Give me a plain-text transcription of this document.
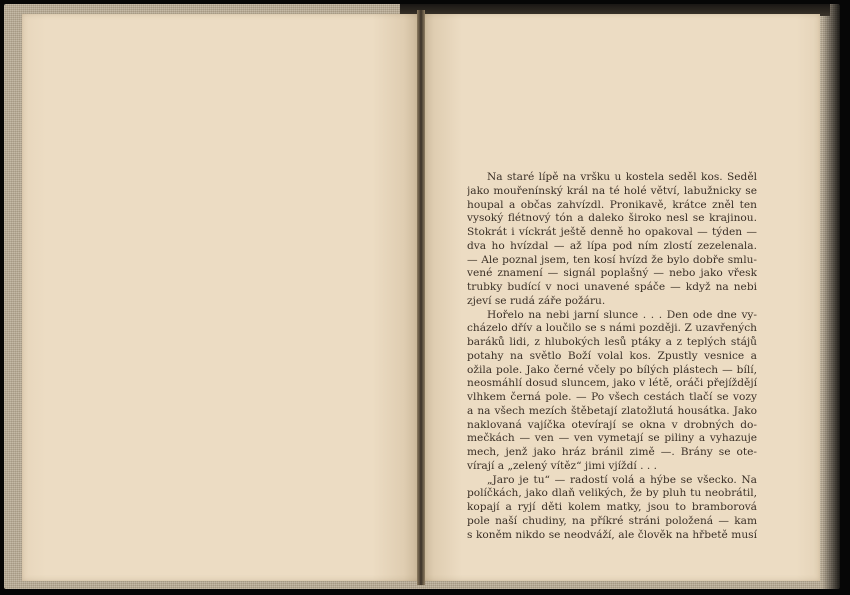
Na staré lípě na vršku u kostela seděl kos. Seděl
jako mouřenínský král na té holé větví, labužnicky se
houpal a občas zahvízdl. Pronikavě, krátce zněl ten
vysoký flétnový tón a daleko široko nesl se krajinou.
Stokrát i víckrát ještě denně ho opakoval — týden —
dva ho hvízdal — až lípa pod ním zlostí zezelenala.
— Ale poznal jsem, ten kosí hvízd že bylo dobře smlu-
vené znamení — signál poplašný — nebo jako vřesk
trubky budící v noci unavené spáče — když na nebi
zjeví se rudá záře požáru.
Hořelo na nebi jarní slunce . . . Den ode dne vy-
cházelo dřív a loučilo se s námi později. Z uzavřených
baráků lidi, z hlubokých lesů ptáky a z teplých stájů
potahy na světlo Boží volal kos. Zpustly vesnice a
ožila pole. Jako černé včely po bílých plástech — bílí,
neosmáhlí dosud sluncem, jako v létě, oráči přejíždějí
vlhkem černá pole. — Po všech cestách tlačí se vozy
a na všech mezích štěbetají zlatožlutá housátka. Jako
naklovaná vajíčka otevírají se okna v drobných do-
mečkách — ven — ven vymetají se piliny a vyhazuje
mech, jenž jako hráz bránil zimě —. Brány se ote-
vírají a „zelený vítěz“ jimi vjíždí . . .
„Jaro je tu“ — radostí volá a hýbe se všecko. Na
políčkách, jako dlaň velikých, že by pluh tu neobrátil,
kopají a ryjí děti kolem matky, jsou to bramborová
pole naší chudiny, na příkré stráni položená — kam
s koněm nikdo se neodváží, ale člověk na hřbetě musí
